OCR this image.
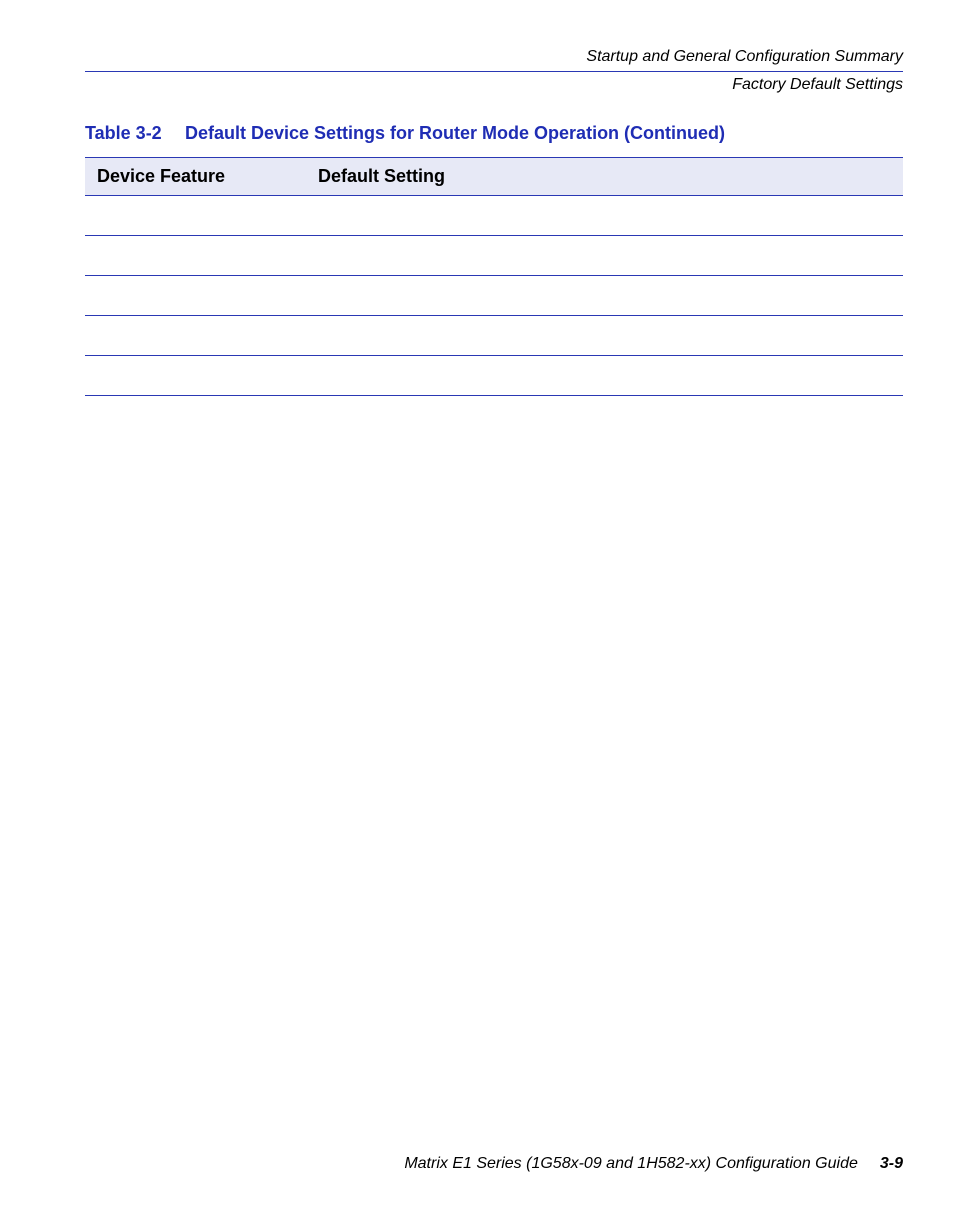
Startup and General Configuration Summary
Factory Default Settings
Table 3-2 Default Device Settings for Router Mode Operation (Continued)
Device Feature	Default Setting
Matrix E1 Series (1G58x-09 and 1H582-xx) Configuration Guide 3-9
